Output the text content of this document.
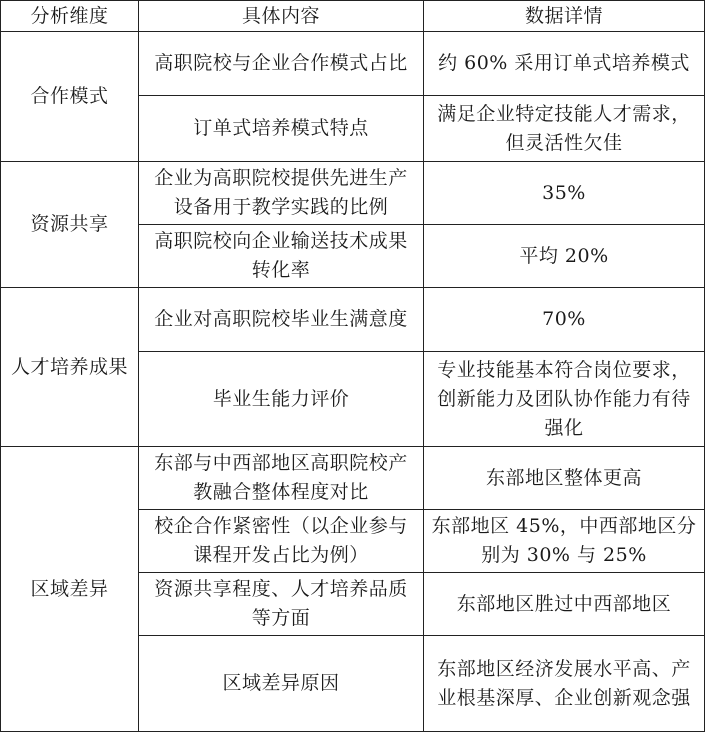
分析维度	具体内容	数据详情
合作模式	高职院校与企业合作模式占比	约 60% 采用订单式培养模式
	订单式培养模式特点	满足企业特定技能人才需求，但灵活性欠佳
资源共享	企业为高职院校提供先进生产设备用于教学实践的比例	35%
	高职院校向企业输送技术成果转化率	平均 20%
人才培养成果	企业对高职院校毕业生满意度	70%
	毕业生能力评价	专业技能基本符合岗位要求，创新能力及团队协作能力有待强化
区域差异	东部与中西部地区高职院校产教融合整体程度对比	东部地区整体更高
	校企合作紧密性（以企业参与课程开发占比为例）	东部地区 45%，中西部地区分别为 30% 与 25%
	资源共享程度、人才培养品质等方面	东部地区胜过中西部地区
	区域差异原因	东部地区经济发展水平高、产业根基深厚、企业创新观念强
